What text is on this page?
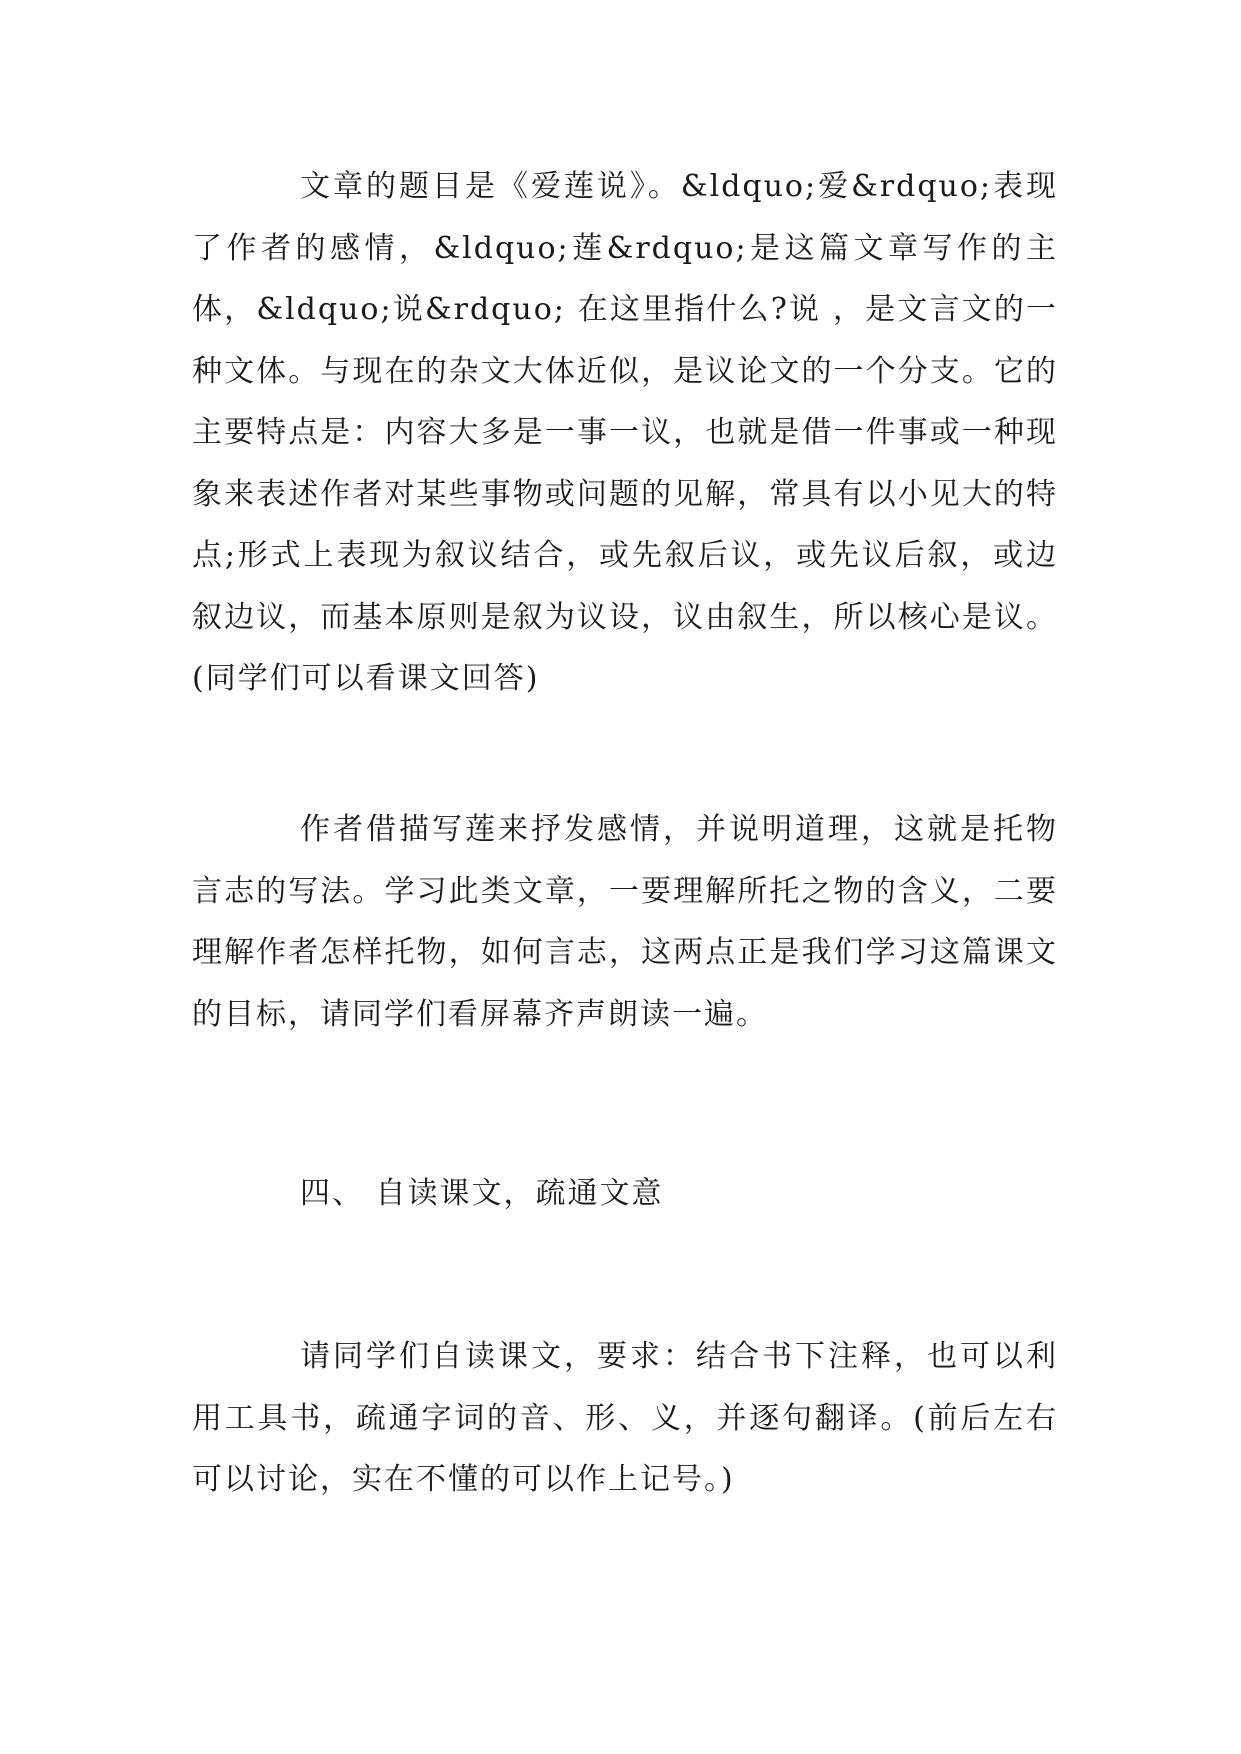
文章的题目是《爱莲说》。&ldquo;爱&rdquo;表现了作者的感情，&ldquo;莲&rdquo;是这篇文章写作的主体，&ldquo;说&rdquo; 在这里指什么?说 ，是文言文的一种文体。与现在的杂文大体近似，是议论文的一个分支。它的主要特点是：内容大多是一事一议，也就是借一件事或一种现象来表述作者对某些事物或问题的见解，常具有以小见大的特点;形式上表现为叙议结合，或先叙后议，或先议后叙，或边叙边议，而基本原则是叙为议设，议由叙生，所以核心是议。 (同学们可以看课文回答)

作者借描写莲来抒发感情，并说明道理，这就是托物言志的写法。学习此类文章，一要理解所托之物的含义，二要理解作者怎样托物，如何言志，这两点正是我们学习这篇课文的目标，请同学们看屏幕齐声朗读一遍。

四、 自读课文，疏通文意

请同学们自读课文，要求：结合书下注释，也可以利用工具书，疏通字词的音、形、义，并逐句翻译。(前后左右可以讨论，实在不懂的可以作上记号。)
